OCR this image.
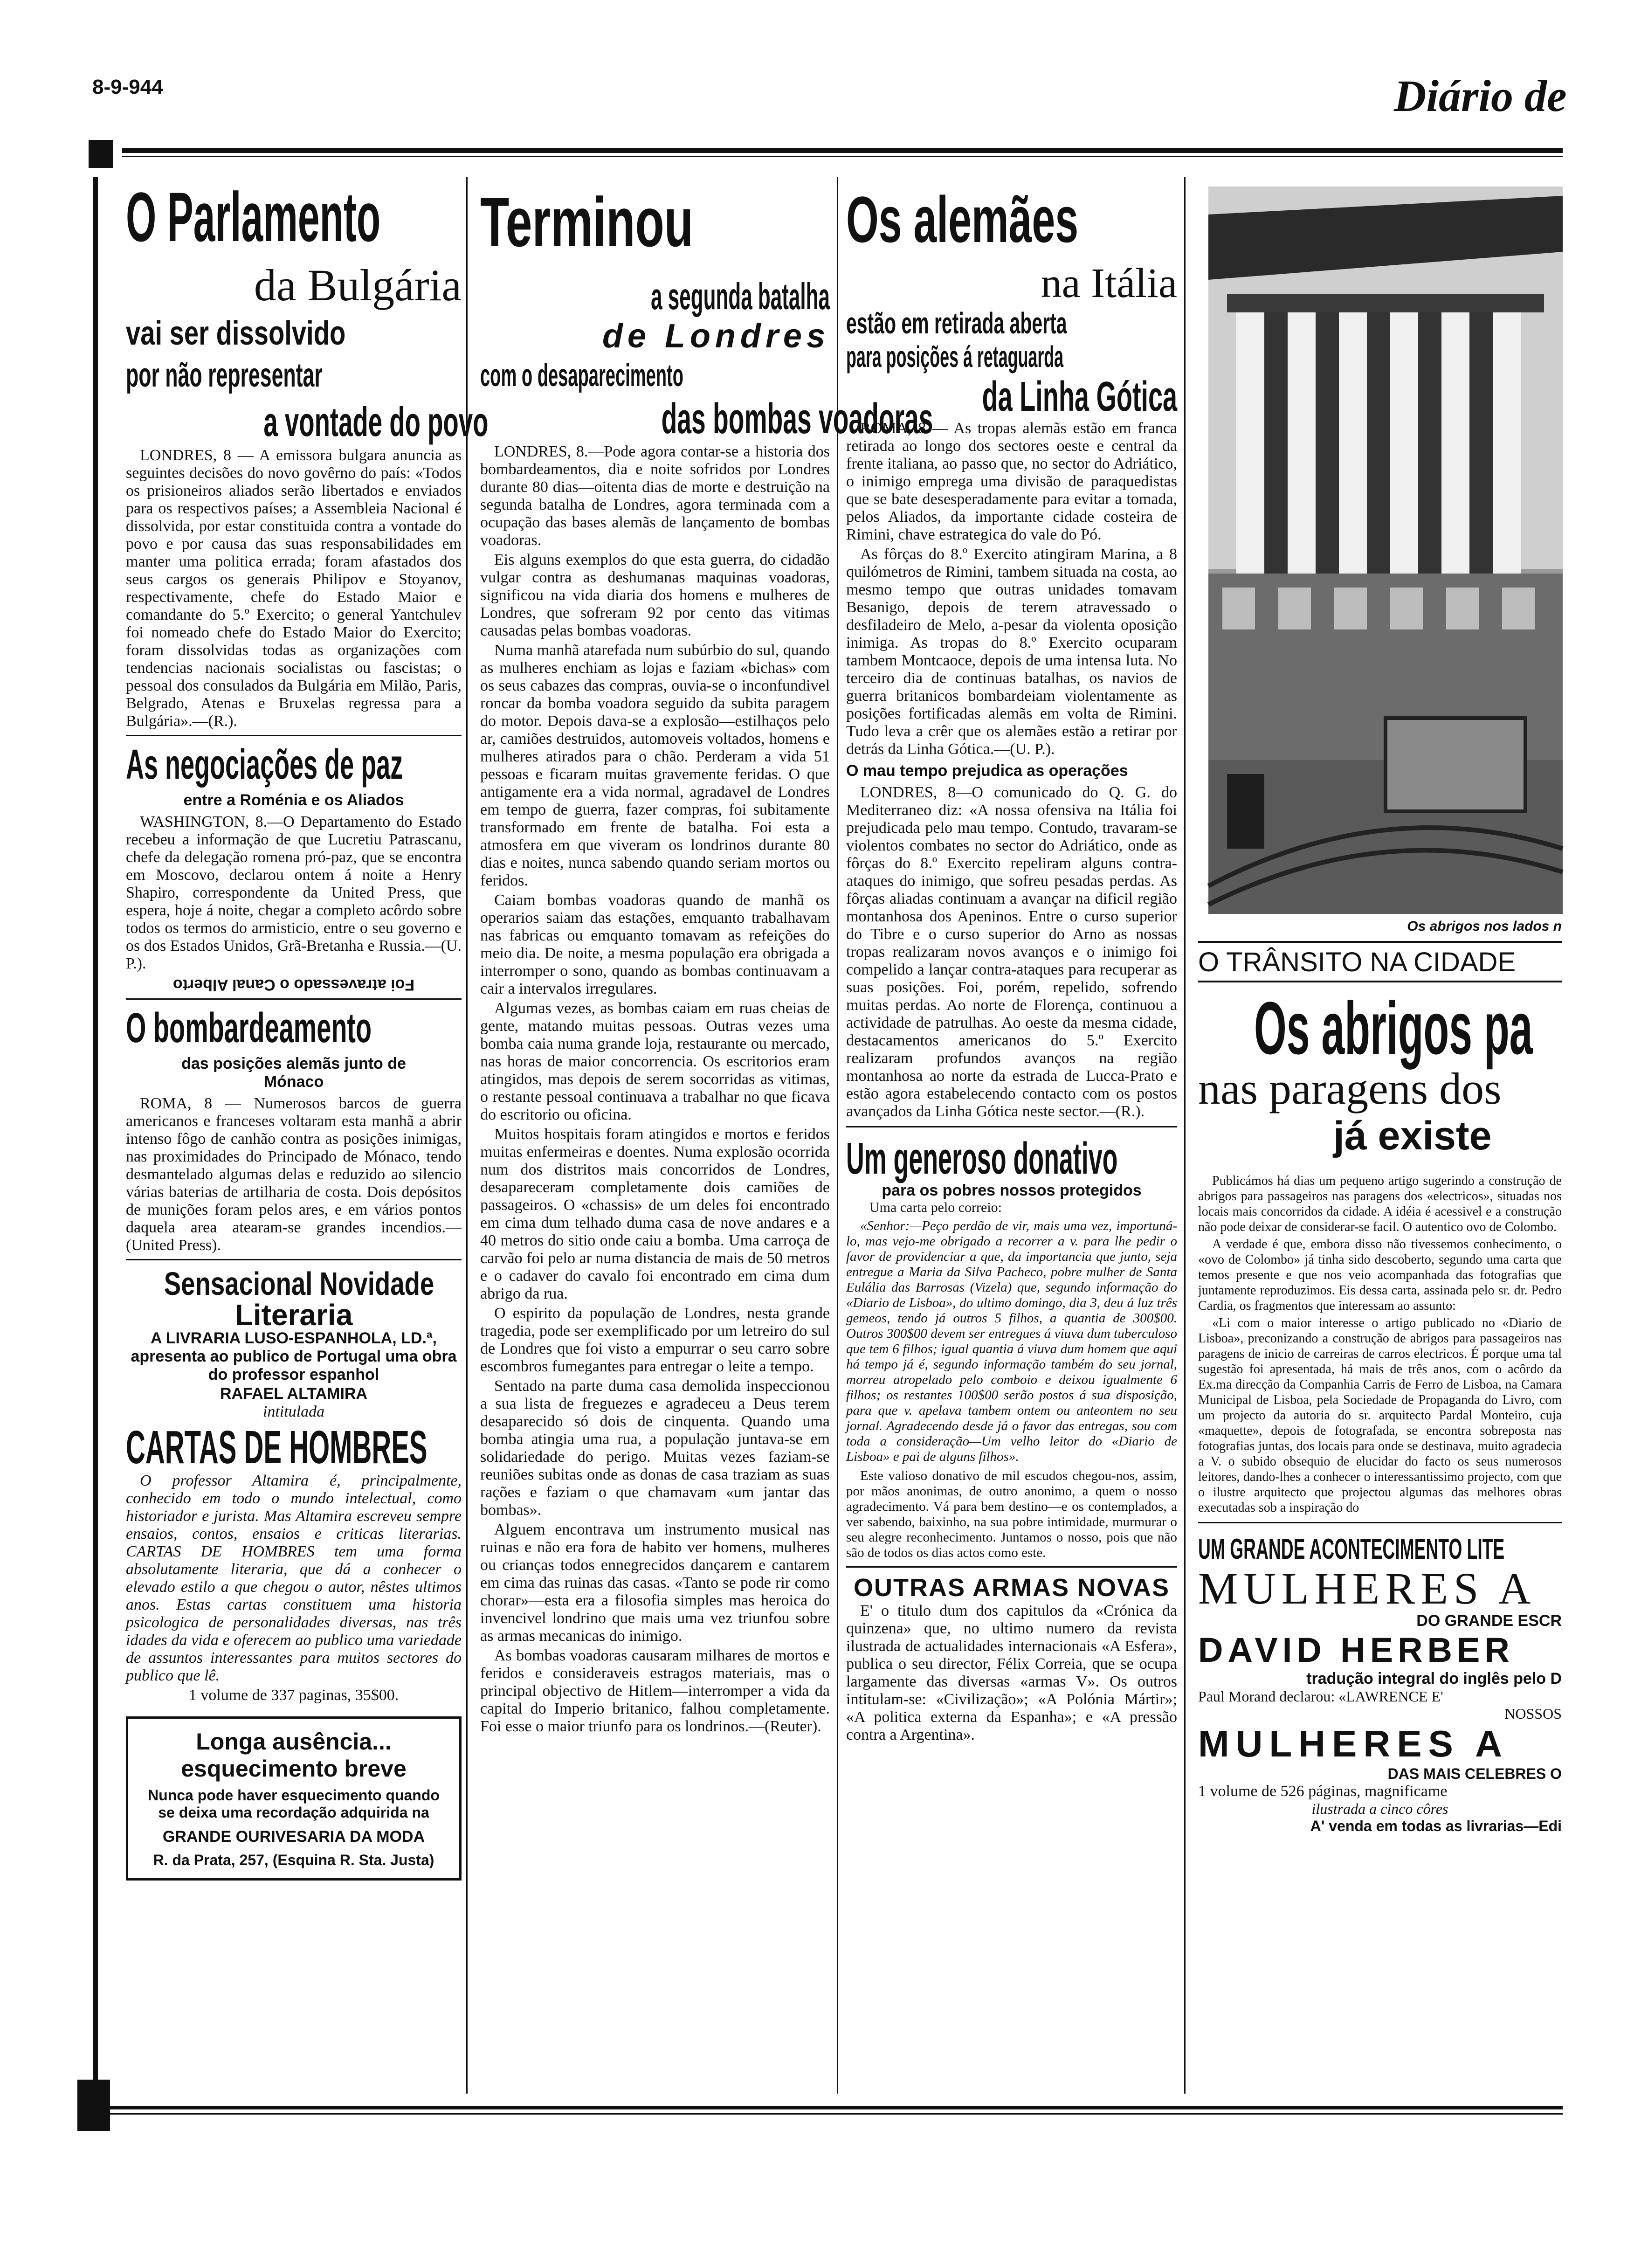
8-9-944	Diário de
O Parlamento
da Bulgária
vai ser dissolvido
por não representar
a vontade do povo
LONDRES, 8 — A emissora bulgara anuncia as seguintes decisões do novo govêrno do país: «Todos os prisioneiros aliados serão libertados e enviados para os respectivos países; a Assembleia Nacional é dissolvida, por estar constituida contra a vontade do povo e por causa das suas responsabilidades em manter uma politica errada; foram afastados dos seus cargos os generais Philipov e Stoyanov, respectivamente, chefe do Estado Maior e comandante do 5.º Exercito; o general Yantchulev foi nomeado chefe do Estado Maior do Exercito; foram dissolvidas todas as organizações com tendencias nacionais socialistas ou fascistas; o pessoal dos consulados da Bulgária em Milão, Paris, Belgrado, Atenas e Bruxelas regressa para a Bulgária».—(R.).
As negociações de paz
entre a Roménia e os Aliados
WASHINGTON, 8.—O Departamento do Estado recebeu a informação de que Lucretiu Patrascanu, chefe da delegação romena pró-paz, que se encontra em Moscovo, declarou ontem á noite a Henry Shapiro, correspondente da United Press, que espera, hoje á noite, chegar a completo acôrdo sobre todos os termos do armisticio, entre o seu governo e os dos Estados Unidos, Grã-Bretanha e Russia.—(U. P.).
Foi atravessado o Canal Alberto
O bombardeamento
das posições alemãs junto de Mónaco
ROMA, 8 — Numerosos barcos de guerra americanos e franceses voltaram esta manhã a abrir intenso fôgo de canhão contra as posições inimigas, nas proximidades do Principado de Mónaco, tendo desmantelado algumas delas e reduzido ao silencio várias baterias de artilharia de costa. Dois depósitos de munições foram pelos ares, e em vários pontos daquela area atearam-se grandes incendios.—(United Press).
Sensacional Novidade
Literaria
A LIVRARIA LUSO-ESPANHOLA, LD.ª, apresenta ao publico de Portugal uma obra do professor espanhol
RAFAEL ALTAMIRA
intitulada
CARTAS DE HOMBRES
O professor Altamira é, principalmente, conhecido em todo o mundo intelectual, como historiador e jurista. Mas Altamira escreveu sempre ensaios, contos, ensaios e criticas literarias. CARTAS DE HOMBRES tem uma forma absolutamente literaria, que dá a conhecer o elevado estilo a que chegou o autor, nêstes ultimos anos. Estas cartas constituem uma historia psicologica de personalidades diversas, nas três idades da vida e oferecem ao publico uma variedade de assuntos interessantes para muitos sectores do publico que lê.
1 volume de 337 paginas, 35$00.
Longa ausência...
esquecimento breve
Nunca pode haver esquecimento quando se deixa uma recordação adquirida na
GRANDE OURIVESARIA DA MODA
R. da Prata, 257, (Esquina R. Sta. Justa)
Terminou
a segunda batalha
de Londres
com o desaparecimento
das bombas voadoras

LONDRES, 8.—Pode agora contar-se a historia dos bombardeamentos, dia e noite sofridos por Londres durante 80 dias—oitenta dias de morte e destruição na segunda batalha de Londres, agora terminada com a ocupação das bases alemãs de lançamento de bombas voadoras.

Eis alguns exemplos do que esta guerra, do cidadão vulgar contra as deshumanas maquinas voadoras, significou na vida diaria dos homens e mulheres de Londres, que sofreram 92 por cento das vitimas causadas pelas bombas voadoras.

Numa manhã atarefada num subúrbio do sul, quando as mulheres enchiam as lojas e faziam «bichas» com os seus cabazes das compras, ouvia-se o inconfundivel roncar da bomba voadora seguido da subita paragem do motor. Depois dava-se a explosão—estilhaços pelo ar, camiões destruidos, automoveis voltados, homens e mulheres atirados para o chão. Perderam a vida 51 pessoas e ficaram muitas gravemente feridas. O que antigamente era a vida normal, agradavel de Londres em tempo de guerra, fazer compras, foi subitamente transformado em frente de batalha. Foi esta a atmosfera em que viveram os londrinos durante 80 dias e noites, nunca sabendo quando seriam mortos ou feridos.

Caiam bombas voadoras quando de manhã os operarios saiam das estações, emquanto trabalhavam nas fabricas ou emquanto tomavam as refeições do meio dia. De noite, a mesma população era obrigada a interromper o sono, quando as bombas continuavam a cair a intervalos irregulares.

Algumas vezes, as bombas caiam em ruas cheias de gente, matando muitas pessoas. Outras vezes uma bomba caia numa grande loja, restaurante ou mercado, nas horas de maior concorrencia. Os escritorios eram atingidos, mas depois de serem socorridas as vitimas, o restante pessoal continuava a trabalhar no que ficava do escritorio ou oficina.

Muitos hospitais foram atingidos e mortos e feridos muitas enfermeiras e doentes. Numa explosão ocorrida num dos distritos mais concorridos de Londres, desapareceram completamente dois camiões de passageiros. O «chassis» de um deles foi encontrado em cima dum telhado duma casa de nove andares e a 40 metros do sitio onde caiu a bomba. Uma carroça de carvão foi pelo ar numa distancia de mais de 50 metros e o cadaver do cavalo foi encontrado em cima dum abrigo da rua.

O espirito da população de Londres, nesta grande tragedia, pode ser exemplificado por um letreiro do sul de Londres que foi visto a empurrar o seu carro sobre escombros fumegantes para entregar o leite a tempo.

Sentado na parte duma casa demolida inspeccionou a sua lista de freguezes e agradeceu a Deus terem desaparecido só dois de cinquenta. Quando uma bomba atingia uma rua, a população juntava-se em solidariedade do perigo. Muitas vezes faziam-se reuniões subitas onde as donas de casa traziam as suas rações e faziam o que chamavam «um jantar das bombas».

Alguem encontrava um instrumento musical nas ruinas e não era fora de habito ver homens, mulheres ou crianças todos ennegrecidos dançarem e cantarem em cima das ruinas das casas. «Tanto se pode rir como chorar»—esta era a filosofia simples mas heroica do invencivel londrino que mais uma vez triunfou sobre as armas mecanicas do inimigo.

As bombas voadoras causaram milhares de mortos e feridos e consideraveis estragos materiais, mas o principal objectivo de Hitlem—interromper a vida da capital do Imperio britanico, falhou completamente. Foi esse o maior triunfo para os londrinos.—(Reuter).

Os alemães
na Itália
estão em retirada aberta
para posições á retaguarda
da Linha Gótica

ROMA, 8 — As tropas alemãs estão em franca retirada ao longo dos sectores oeste e central da frente italiana, ao passo que, no sector do Adriático, o inimigo emprega uma divisão de paraquedistas que se bate desesperadamente para evitar a tomada, pelos Aliados, da importante cidade costeira de Rimini, chave estrategica do vale do Pó.

As fôrças do 8.º Exercito atingiram Marina, a 8 quilómetros de Rimini, tambem situada na costa, ao mesmo tempo que outras unidades tomavam Besanigo, depois de terem atravessado o desfiladeiro de Melo, a-pesar da violenta oposição inimiga. As tropas do 8.º Exercito ocuparam tambem Montcaoce, depois de uma intensa luta. No terceiro dia de continuas batalhas, os navios de guerra britanicos bombardeiam violentamente as posições fortificadas alemãs em volta de Rimini. Tudo leva a crêr que os alemães estão a retirar por detrás da Linha Gótica.—(U. P.).

O mau tempo prejudica as operações
LONDRES, 8—O comunicado do Q. G. do Mediterraneo diz: «A nossa ofensiva na Itália foi prejudicada pelo mau tempo. Contudo, travaram-se violentos combates no sector do Adriático, onde as fôrças do 8.º Exercito repeliram alguns contra-ataques do inimigo, que sofreu pesadas perdas. As fôrças aliadas continuam a avançar na dificil região montanhosa dos Apeninos. Entre o curso superior do Tibre e o curso superior do Arno as nossas tropas realizaram novos avanços e o inimigo foi compelido a lançar contra-ataques para recuperar as suas posições. Foi, porém, repelido, sofrendo muitas perdas. Ao norte de Florença, continuou a actividade de patrulhas. Ao oeste da mesma cidade, destacamentos americanos do 5.º Exercito realizaram profundos avanços na região montanhosa ao norte da estrada de Lucca-Prato e estão agora estabelecendo contacto com os postos avançados da Linha Gótica neste sector.—(R.).
Um generoso donativo
para os pobres nossos protegidos
Uma carta pelo correio:
«Senhor:—Peço perdão de vir, mais uma vez, importuná-lo, mas vejo-me obrigado a recorrer a v. para lhe pedir o favor de providenciar a que, da importancia que junto, seja entregue a Maria da Silva Pacheco, pobre mulher de Santa Eulália das Barrosas (Vizela) que, segundo informação do «Diario de Lisboa», do ultimo domingo, dia 3, deu á luz três gemeos, tendo já outros 5 filhos, a quantia de 300$00. Outros 300$00 devem ser entregues á viuva dum tuberculoso que tem 6 filhos; igual quantia á viuva dum homem que aqui há tempo já é, segundo informação também do seu jornal, morreu atropelado pelo comboio e deixou igualmente 6 filhos; os restantes 100$00 serão postos á sua disposição, para que v. apelava tambem ontem ou anteontem no seu jornal. Agradecendo desde já o favor das entregas, sou com toda a consideração—Um velho leitor do «Diario de Lisboa» e pai de alguns filhos».
Este valioso donativo de mil escudos chegou-nos, assim, por mãos anonimas, de outro anonimo, a quem o nosso agradecimento. Vá para bem destino—e os contemplados, a ver sabendo, baixinho, na sua pobre intimidade, murmurar o seu alegre reconhecimento. Juntamos o nosso, pois que não são de todos os dias actos como este.
OUTRAS ARMAS NOVAS
E' o titulo dum dos capitulos da «Crónica da quinzena» que, no ultimo numero da revista ilustrada de actualidades internacionais «A Esfera», publica o seu director, Félix Correia, que se ocupa largamente das diversas «armas V». Os outros intitulam-se: «Civilização»; «A Polónia Mártir»; «A politica externa da Espanha»; e «A pressão contra a Argentina».
Os abrigos nos lados n
O TRÂNSITO NA CIDADE
Os abrigos pa
nas paragens dos
já existe

Publicámos há dias um pequeno artigo sugerindo a construção de abrigos para passageiros nas paragens dos «electricos», situadas nos locais mais concorridos da cidade. A idéia é acessivel e a construção não pode deixar de considerar-se facil. O autentico ovo de Colombo.

A verdade é que, embora disso não tivessemos conhecimento, o «ovo de Colombo» já tinha sido descoberto, segundo uma carta que temos presente e que nos veio acompanhada das fotografias que juntamente reproduzimos. Eis dessa carta, assinada pelo sr. dr. Pedro Cardia, os fragmentos que interessam ao assunto:

«Li com o maior interesse o artigo publicado no «Diario de Lisboa», preconizando a construção de abrigos para passageiros nas paragens de inicio de carreiras de carros electricos. É porque uma tal sugestão foi apresentada, há mais de três anos, com o acôrdo da Ex.ma direcção da Companhia Carris de Ferro de Lisboa, na Camara Municipal de Lisboa, pela Sociedade de Propaganda do Livro, com um projecto da autoria do sr. arquitecto Pardal Monteiro, cuja «maquette», depois de fotografada, se encontra sobreposta nas fotografias juntas, dos locais para onde se destinava, muito agradecia a V. o subido obsequio de elucidar do facto os seus numerosos leitores, dando-lhes a conhecer o interessantissimo projecto, com que o ilustre arquitecto que projectou algumas das melhores obras executadas sob a inspiração do

UM GRANDE ACONTECIMENTO LITE
MULHERES A
DO GRANDE ESCR
DAVID HERBER
tradução integral do inglês pelo D
Paul Morand declarou: «LAWRENCE E'
NOSSOS
MULHERES A
DAS MAIS CELEBRES O
1 volume de 526 páginas, magnificame
ilustrada a cinco côres
A' venda em todas as livrarias—Edi
